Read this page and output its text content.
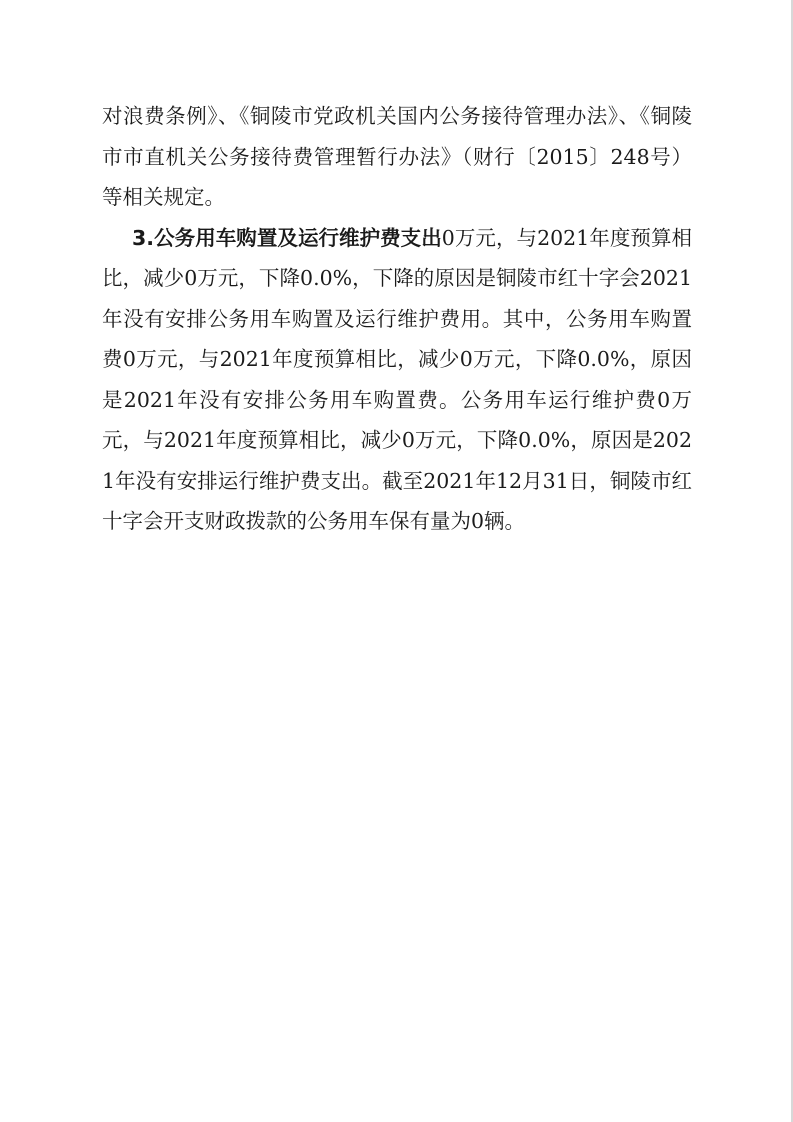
对浪费条例》、《铜陵市党政机关国内公务接待管理办法》、《铜陵市市直机关公务接待费管理暂行办法》（财行〔2015〕248号）等相关规定。

3.公务用车购置及运行维护费支出0万元，与2021年度预算相比，减少0万元，下降0.0%，下降的原因是铜陵市红十字会2021年没有安排公务用车购置及运行维护费用。其中，公务用车购置费0万元，与2021年度预算相比，减少0万元，下降0.0%，原因是2021年没有安排公务用车购置费。公务用车运行维护费0万元，与2021年度预算相比，减少0万元，下降0.0%，原因是2021年没有安排运行维护费支出。截至2021年12月31日，铜陵市红十字会开支财政拨款的公务用车保有量为0辆。
